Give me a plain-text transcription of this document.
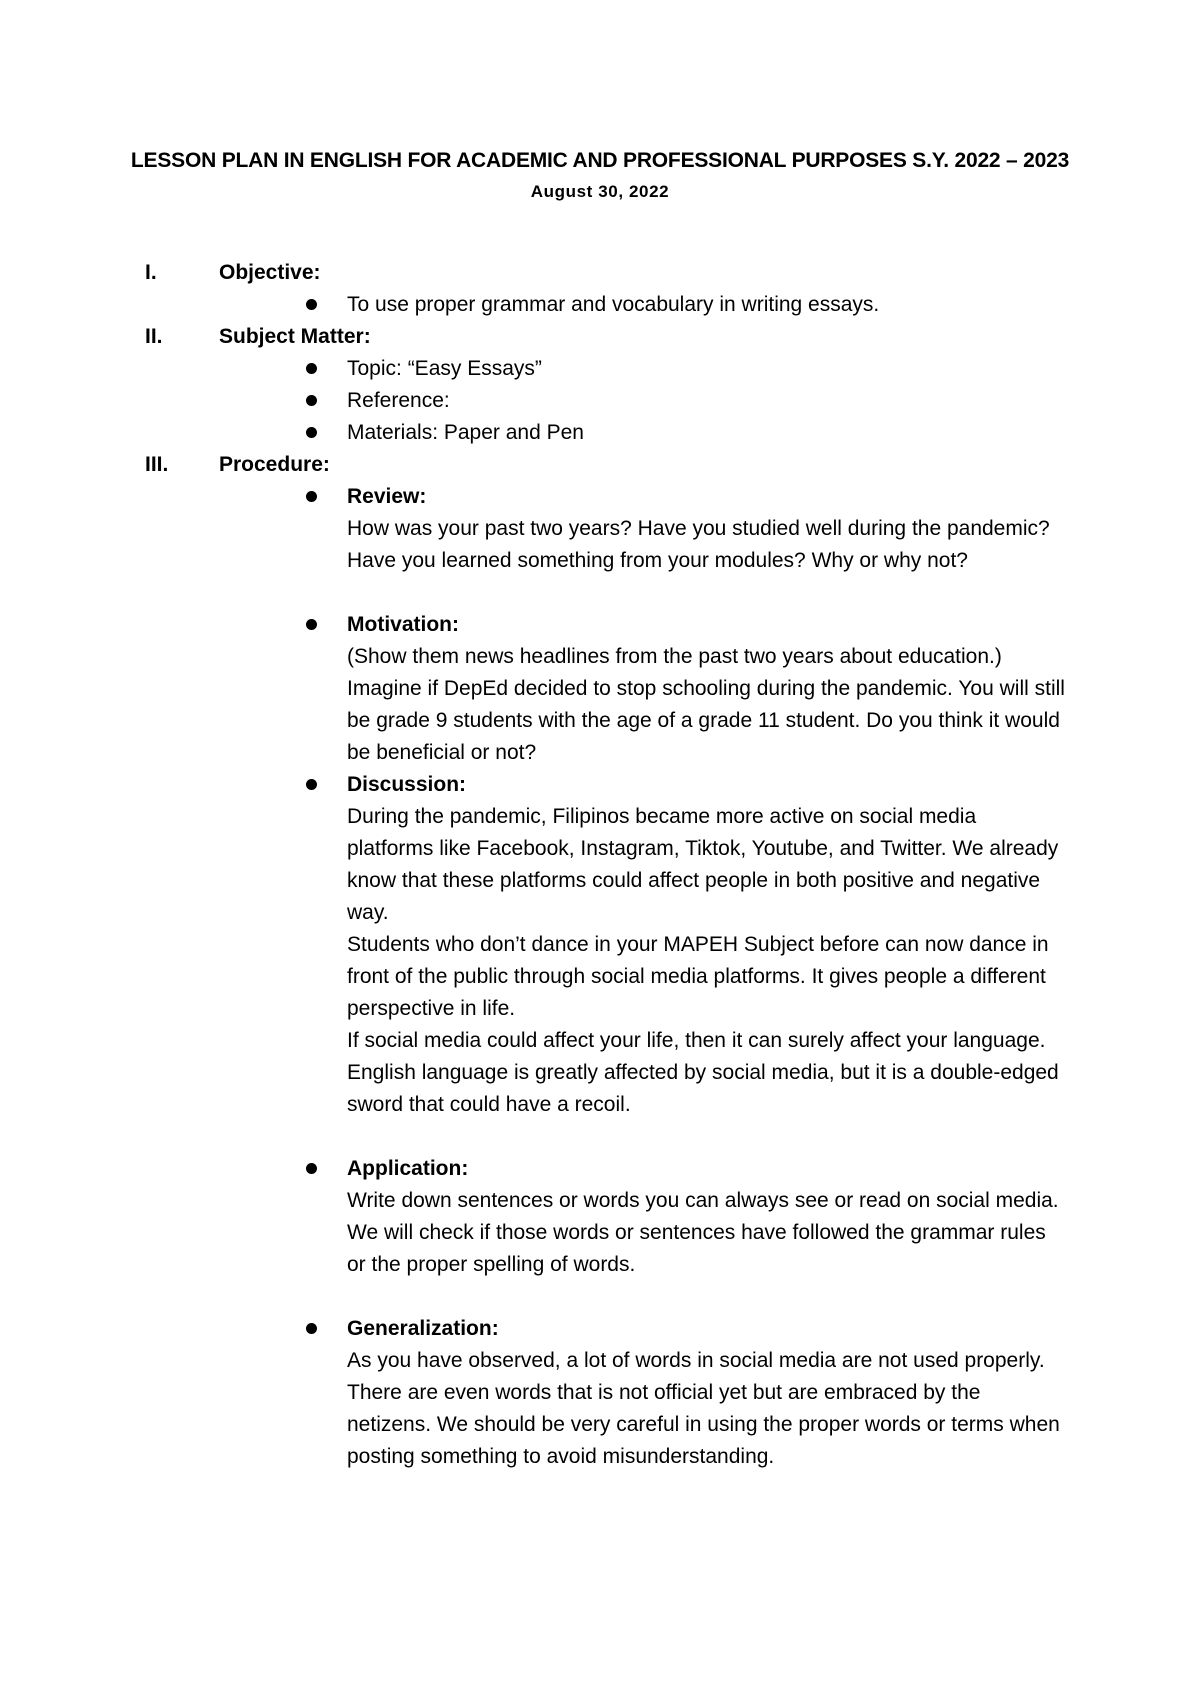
LESSON PLAN IN ENGLISH FOR ACADEMIC AND PROFESSIONAL PURPOSES S.Y. 2022 – 2023
August 30, 2022
I.	Objective:
To use proper grammar and vocabulary in writing essays.
II.	Subject Matter:
Topic: “Easy Essays”
Reference:
Materials: Paper and Pen
III. Procedure:
Review:
How was your past two years? Have you studied well during the pandemic? Have you learned something from your modules? Why or why not?
Motivation:
(Show them news headlines from the past two years about education.) Imagine if DepEd decided to stop schooling during the pandemic. You will still be grade 9 students with the age of a grade 11 student. Do you think it would be beneficial or not?
Discussion:
During the pandemic, Filipinos became more active on social media platforms like Facebook, Instagram, Tiktok, Youtube, and Twitter. We already know that these platforms could affect people in both positive and negative way.
Students who don’t dance in your MAPEH Subject before can now dance in front of the public through social media platforms. It gives people a different perspective in life.
If social media could affect your life, then it can surely affect your language. English language is greatly affected by social media, but it is a double-edged sword that could have a recoil.
Application:
Write down sentences or words you can always see or read on social media. We will check if those words or sentences have followed the grammar rules or the proper spelling of words.
Generalization:
As you have observed, a lot of words in social media are not used properly. There are even words that is not official yet but are embraced by the netizens. We should be very careful in using the proper words or terms when posting something to avoid misunderstanding.
